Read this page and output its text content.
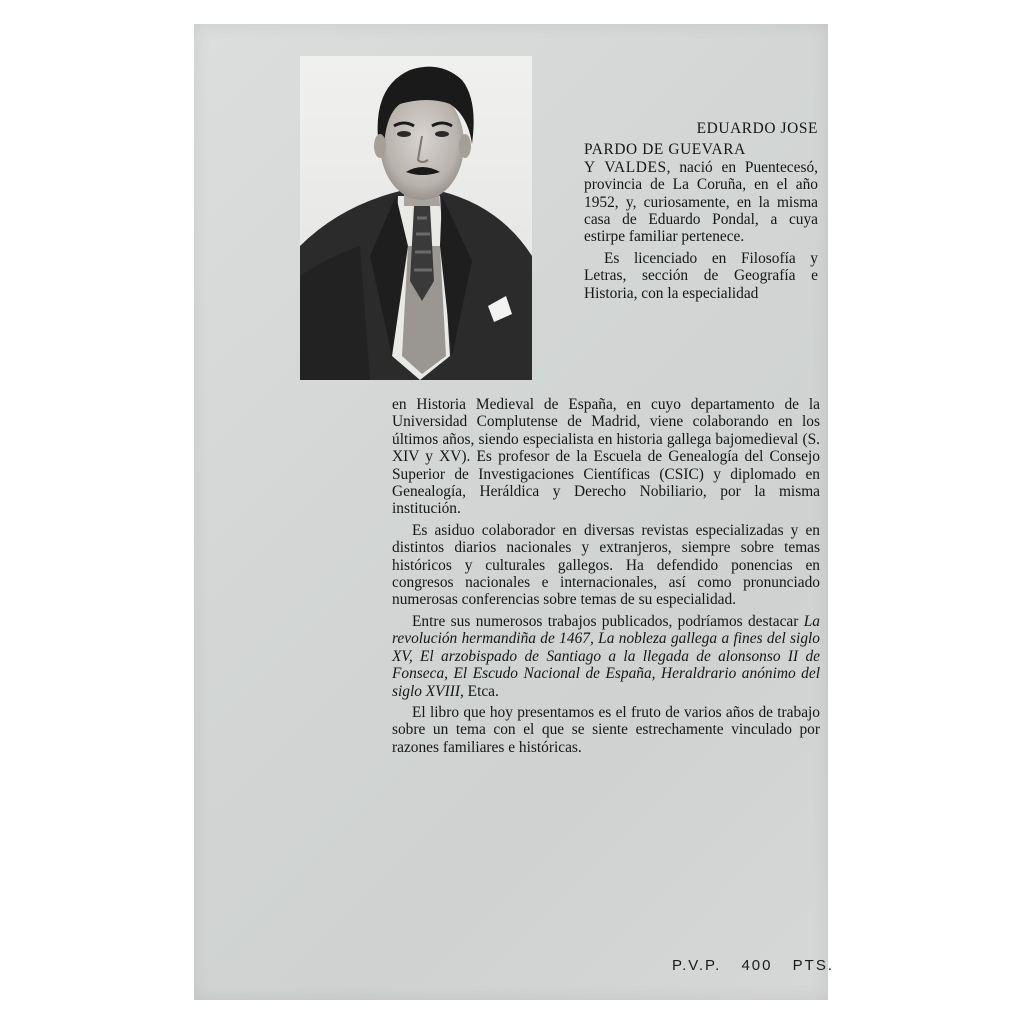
EDUARDO JOSE

PARDO DE GUEVARA
Y VALDES, nació en Puentecesó, provincia de La Coruña, en el año 1952, y, curiosamente, en la misma casa de Eduardo Pondal, a cuya estirpe familiar pertenece.

Es licenciado en Filosofía y Letras, sección de Geografía e Historia, con la especialidad

en Historia Medieval de España, en cuyo departamento de la Universidad Complutense de Madrid, viene colaborando en los últimos años, siendo especialista en historia gallega bajomedieval (S. XIV y XV). Es profesor de la Escuela de Genealogía del Consejo Superior de Investigaciones Científicas (CSIC) y diplomado en Genealogía, Heráldica y Derecho Nobiliario, por la misma institución.

Es asiduo colaborador en diversas revistas especializadas y en distintos diarios nacionales y extranjeros, siempre sobre temas históricos y culturales gallegos. Ha defendido ponencias en congresos nacionales e internacionales, así como pronunciado numerosas conferencias sobre temas de su especialidad.

Entre sus numerosos trabajos publicados, podríamos destacar La revolución hermandiña de 1467, La nobleza gallega a fines del siglo XV, El arzobispado de Santiago a la llegada de alonsonso II de Fonseca, El Escudo Nacional de España, Heraldrario anónimo del siglo XVIII, Etca.

El libro que hoy presentamos es el fruto de varios años de trabajo sobre un tema con el que se siente estrechamente vinculado por razones familiares e históricas.

P.V.P. 400 PTS.
